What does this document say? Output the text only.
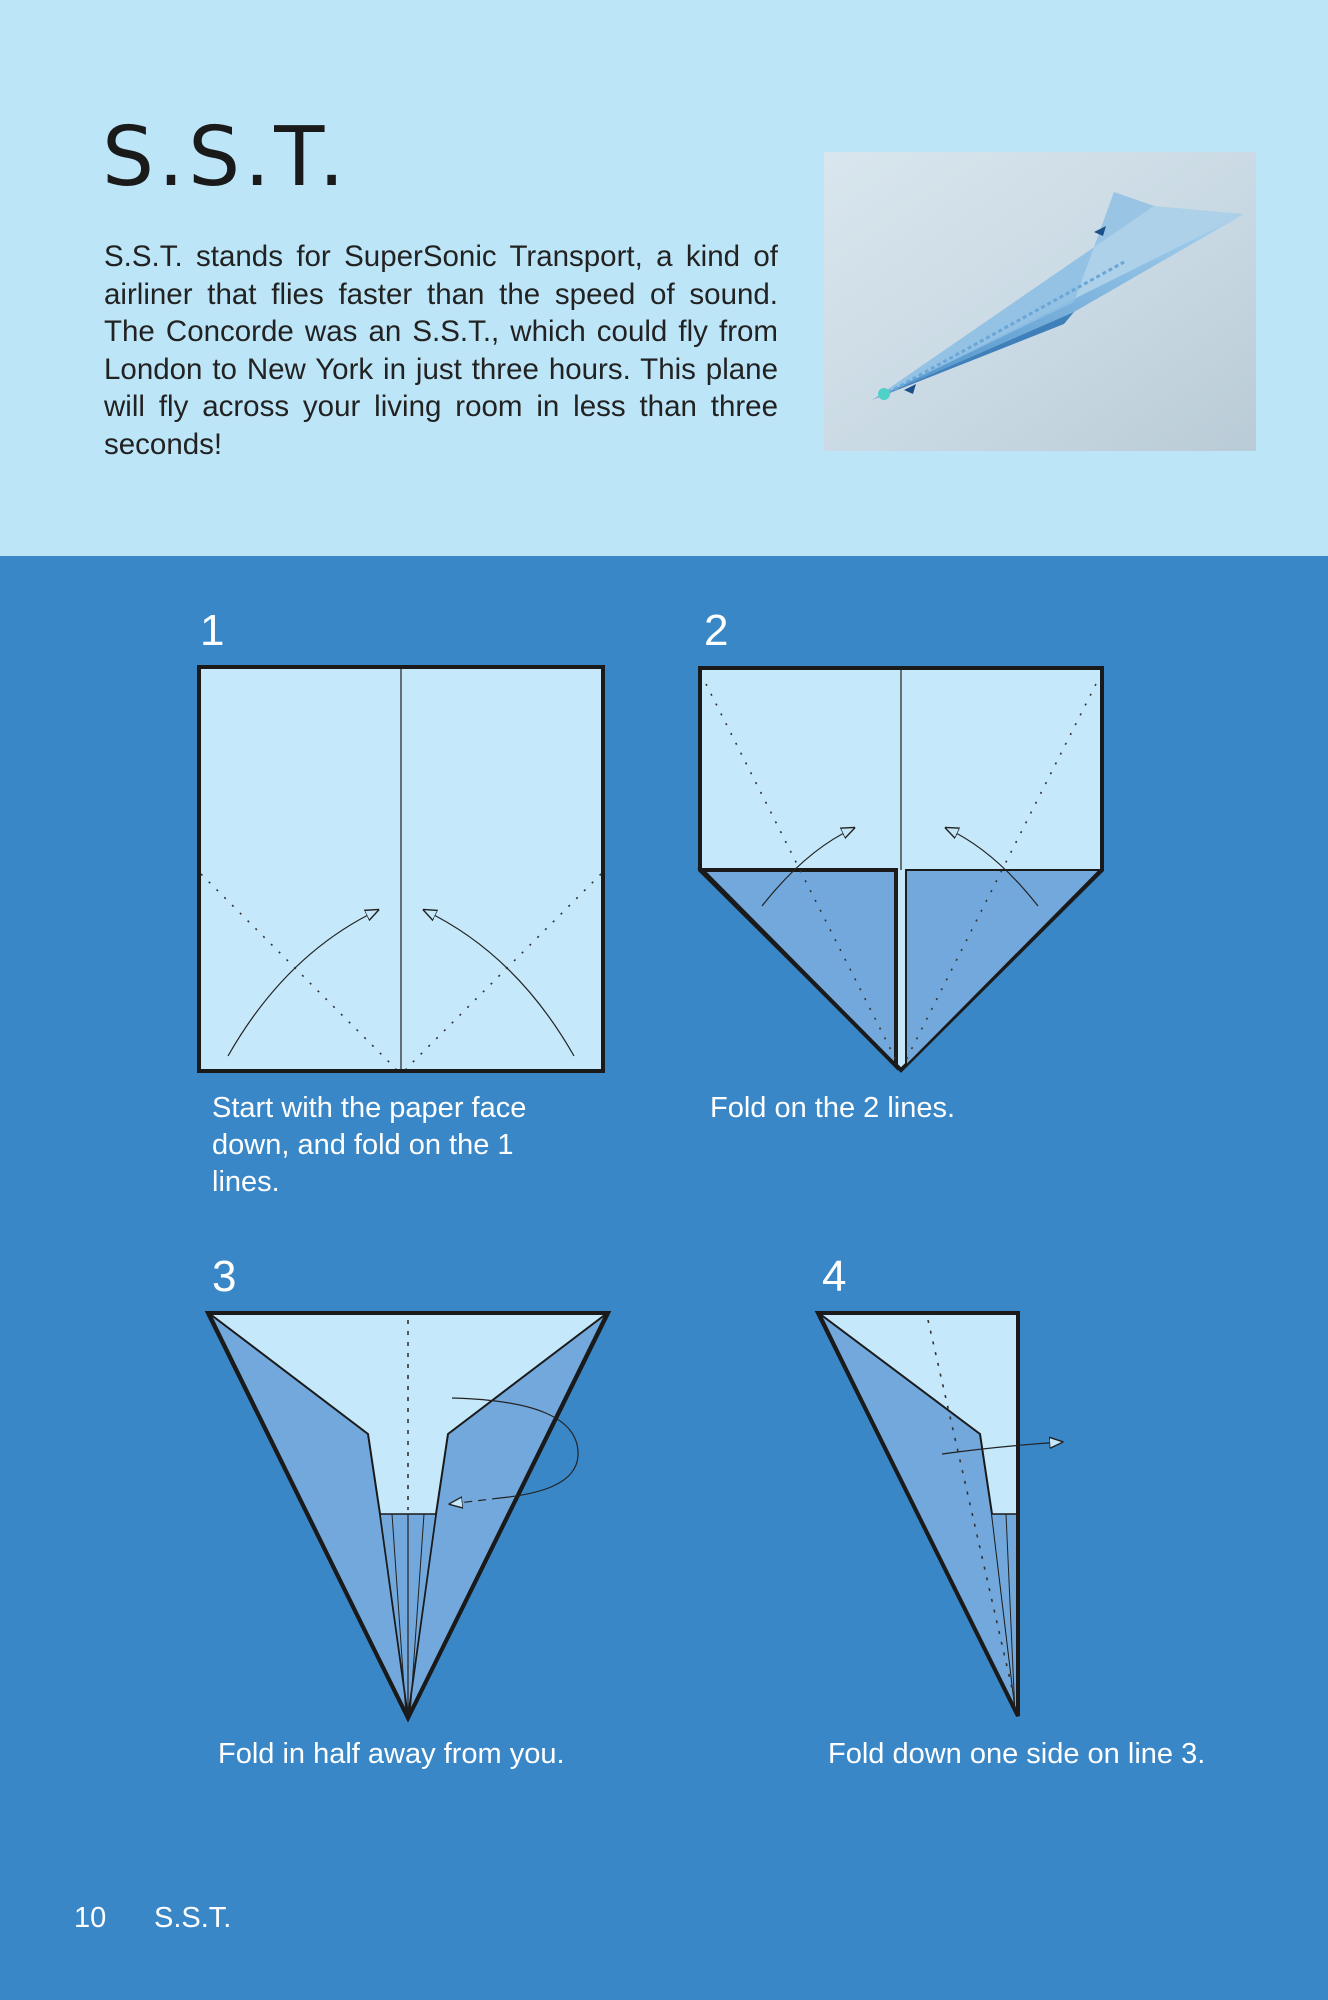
S.S.T.
S.S.T. stands for SuperSonic Transport, a kind of airliner that flies faster than the speed of sound. The Concorde was an S.S.T., which could fly from London to New York in just three hours. This plane will fly across your living room in less than three seconds!
1
Start with the paper face down, and fold on the 1 lines.
2
Fold on the 2 lines.
3
Fold in half away from you.
4
Fold down one side on line 3.
10 S.S.T.
